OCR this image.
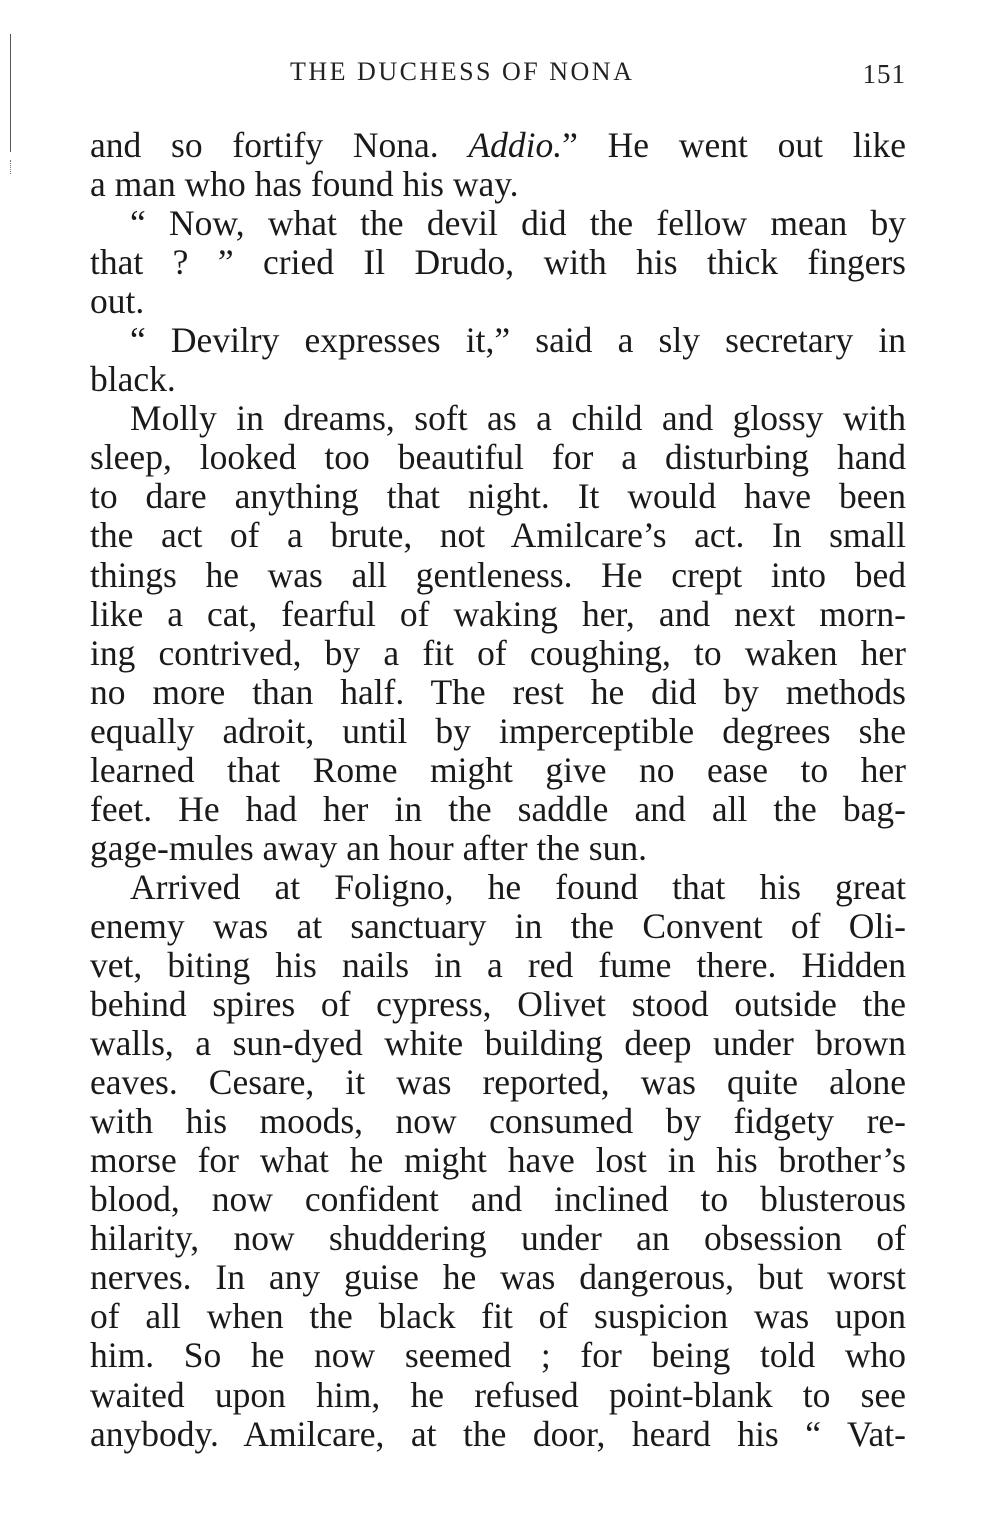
THE DUCHESS OF NONA	151
and so fortify Nona. Addio.” He went out like
a man who has found his way.
“ Now, what the devil did the fellow mean by
that ? ” cried Il Drudo, with his thick fingers
out.
“ Devilry expresses it,” said a sly secretary in
black.
Molly in dreams, soft as a child and glossy with
sleep, looked too beautiful for a disturbing hand
to dare anything that night. It would have been
the act of a brute, not Amilcare’s act. In small
things he was all gentleness. He crept into bed
like a cat, fearful of waking her, and next morn-
ing contrived, by a fit of coughing, to waken her
no more than half. The rest he did by methods
equally adroit, until by imperceptible degrees she
learned that Rome might give no ease to her
feet. He had her in the saddle and all the bag-
gage-mules away an hour after the sun.
Arrived at Foligno, he found that his great
enemy was at sanctuary in the Convent of Oli-
vet, biting his nails in a red fume there. Hidden
behind spires of cypress, Olivet stood outside the
walls, a sun-dyed white building deep under brown
eaves. Cesare, it was reported, was quite alone
with his moods, now consumed by fidgety re-
morse for what he might have lost in his brother’s
blood, now confident and inclined to blusterous
hilarity, now shuddering under an obsession of
nerves. In any guise he was dangerous, but worst
of all when the black fit of suspicion was upon
him. So he now seemed ; for being told who
waited upon him, he refused point-blank to see
anybody. Amilcare, at the door, heard his “ Vat-
